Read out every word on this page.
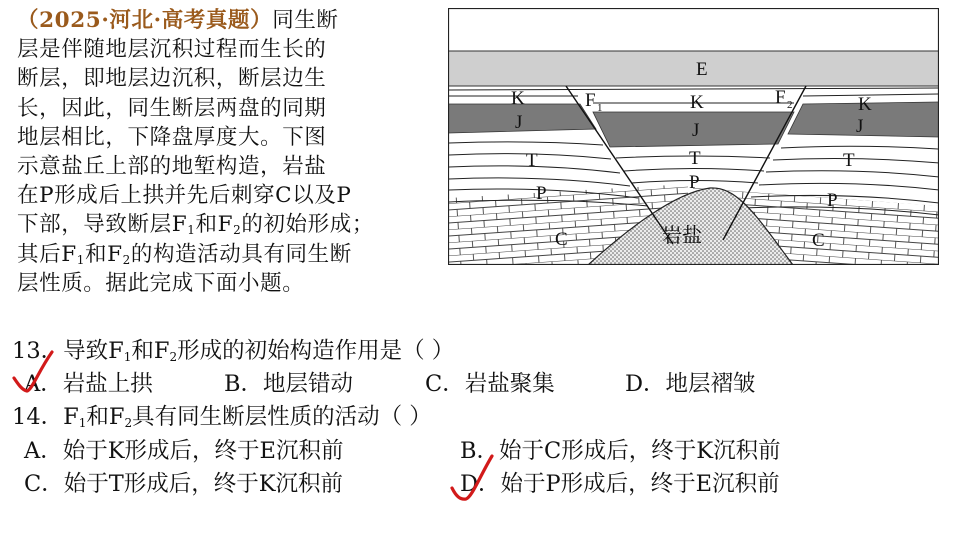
（2025·河北·高考真题）同生断
层是伴随地层沉积过程而生长的
断层，即地层边沉积，断层边生
长，因此，同生断层两盘的同期
地层相比，下降盘厚度大。下图
示意盐丘上部的地堑构造，岩盐
在P形成后上拱并先后刺穿C以及P
下部，导致断层$F_1$和$F_2$的初始形成；
其后$F_1$和$F_2$的构造活动具有同生断
层性质。据此完成下面小题。
E
K	K	K
F 1	F 2
J	J	J
T	T	T
P
P
P
C	C
岩盐
13．导致$F_1$和$F_2$形成的初始构造作用是（ ）
A．岩盐上拱	B．地层错动	C．岩盐聚集	D．地层褶皱
14．$F_1$和$F_2$具有同生断层性质的活动（ ）
A．始于K形成后，终于E沉积前	B．始于C形成后，终于K沉积前
C．始于T形成后，终于K沉积前	D．始于P形成后，终于E沉积前
